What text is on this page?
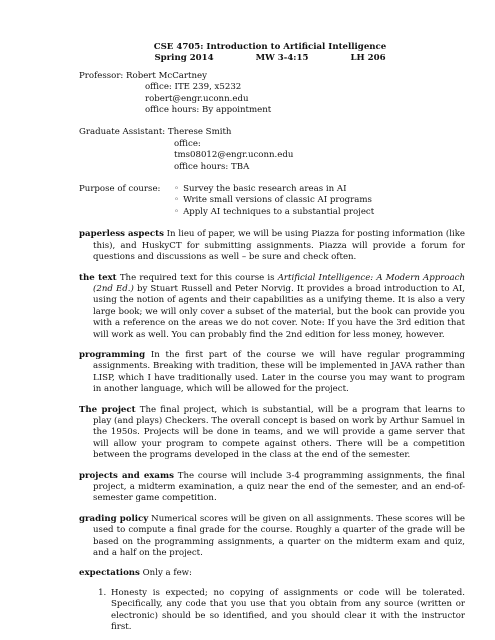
CSE 4705: Introduction to Artificial Intelligence
Spring 2014	MW 3-4:15	LH 206
Professor: Robert McCartney
office: ITE 239, x5232
robert@engr.uconn.edu
office hours: By appointment
Graduate Assistant: Therese Smith
office:
tms08012@engr.uconn.edu
office hours: TBA
Purpose of course:
◦	Survey the basic research areas in AI
◦ Write small versions of classic AI programs
◦ Apply AI techniques to a substantial project

paperless aspects In lieu of paper, we will be using Piazza for posting information (like this), and HuskyCT for submitting assignments. Piazza will provide a forum for questions and discussions as well – be sure and check often.

the text The required text for this course is Artificial Intelligence: A Modern Approach (2nd Ed.) by Stuart Russell and Peter Norvig. It provides a broad introduction to AI, using the notion of agents and their capabilities as a unifying theme. It is also a very large book; we will only cover a subset of the material, but the book can provide you with a reference on the areas we do not cover. Note: If you have the 3rd edition that will work as well. You can probably find the 2nd edition for less money, however.

programming In the first part of the course we will have regular programming assignments. Breaking with tradition, these will be implemented in JAVA rather than LISP, which I have traditionally used. Later in the course you may want to program in another language, which will be allowed for the project.

The project The final project, which is substantial, will be a program that learns to play (and plays) Checkers. The overall concept is based on work by Arthur Samuel in the 1950s. Projects will be done in teams, and we will provide a game server that will allow your program to compete against others. There will be a competition between the programs developed in the class at the end of the semester.

projects and exams The course will include 3-4 programming assignments, the final project, a midterm examination, a quiz near the end of the semester, and an end-of-semester game competition.

grading policy Numerical scores will be given on all assignments. These scores will be used to compute a final grade for the course. Roughly a quarter of the grade will be based on the programming assignments, a quarter on the midterm exam and quiz, and a half on the project.

expectations Only a few:
1. Honesty is expected; no copying of assignments or code will be tolerated. Specifically, any code that you use that you obtain from any source (written or electronic) should be so identified, and you should clear it with the instructor first.
